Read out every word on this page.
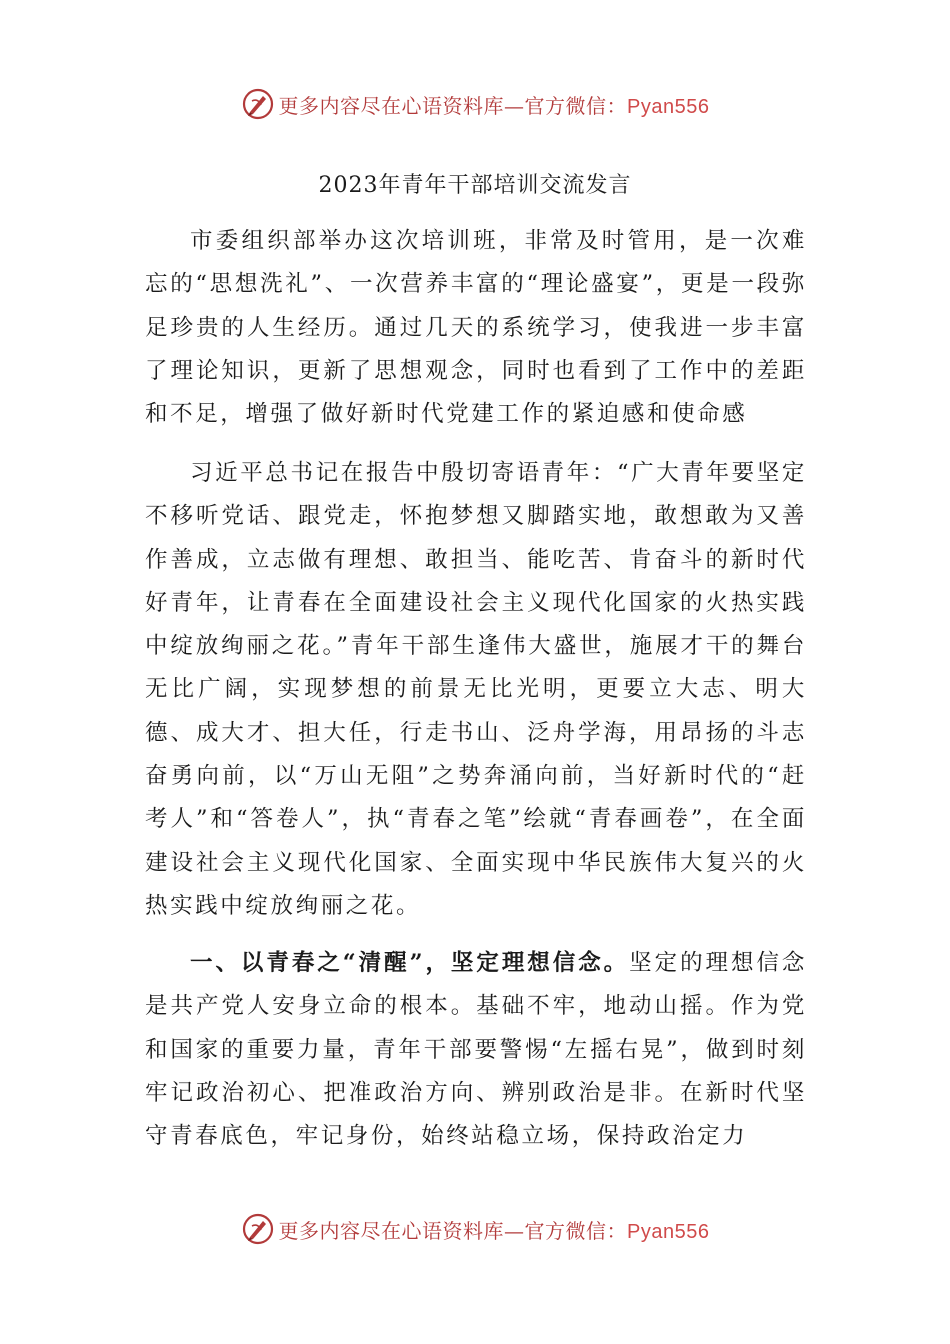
更多内容尽在心语资料库—官方微信：Pyan556
2023年青年干部培训交流发言

市委组织部举办这次培训班，非常及时管用，是一次难忘的“思想洗礼”、一次营养丰富的“理论盛宴”，更是一段弥足珍贵的人生经历。通过几天的系统学习，使我进一步丰富了理论知识，更新了思想观念，同时也看到了工作中的差距和不足，增强了做好新时代党建工作的紧迫感和使命感

习近平总书记在报告中殷切寄语青年：“广大青年要坚定不移听党话、跟党走，怀抱梦想又脚踏实地，敢想敢为又善作善成，立志做有理想、敢担当、能吃苦、肯奋斗的新时代好青年，让青春在全面建设社会主义现代化国家的火热实践中绽放绚丽之花。”青年干部生逢伟大盛世，施展才干的舞台无比广阔，实现梦想的前景无比光明，更要立大志、明大德、成大才、担大任，行走书山、泛舟学海，用昂扬的斗志奋勇向前，以“万山无阻”之势奔涌向前，当好新时代的“赶考人”和“答卷人”，执“青春之笔”绘就“青春画卷”，在全面建设社会主义现代化国家、全面实现中华民族伟大复兴的火热实践中绽放绚丽之花。

一、以青春之“清醒”，坚定理想信念。坚定的理想信念是共产党人安身立命的根本。基础不牢，地动山摇。作为党和国家的重要力量，青年干部要警惕“左摇右晃”，做到时刻牢记政治初心、把准政治方向、辨别政治是非。在新时代坚守青春底色，牢记身份，始终站稳立场，保持政治定力

更多内容尽在心语资料库—官方微信：Pyan556
